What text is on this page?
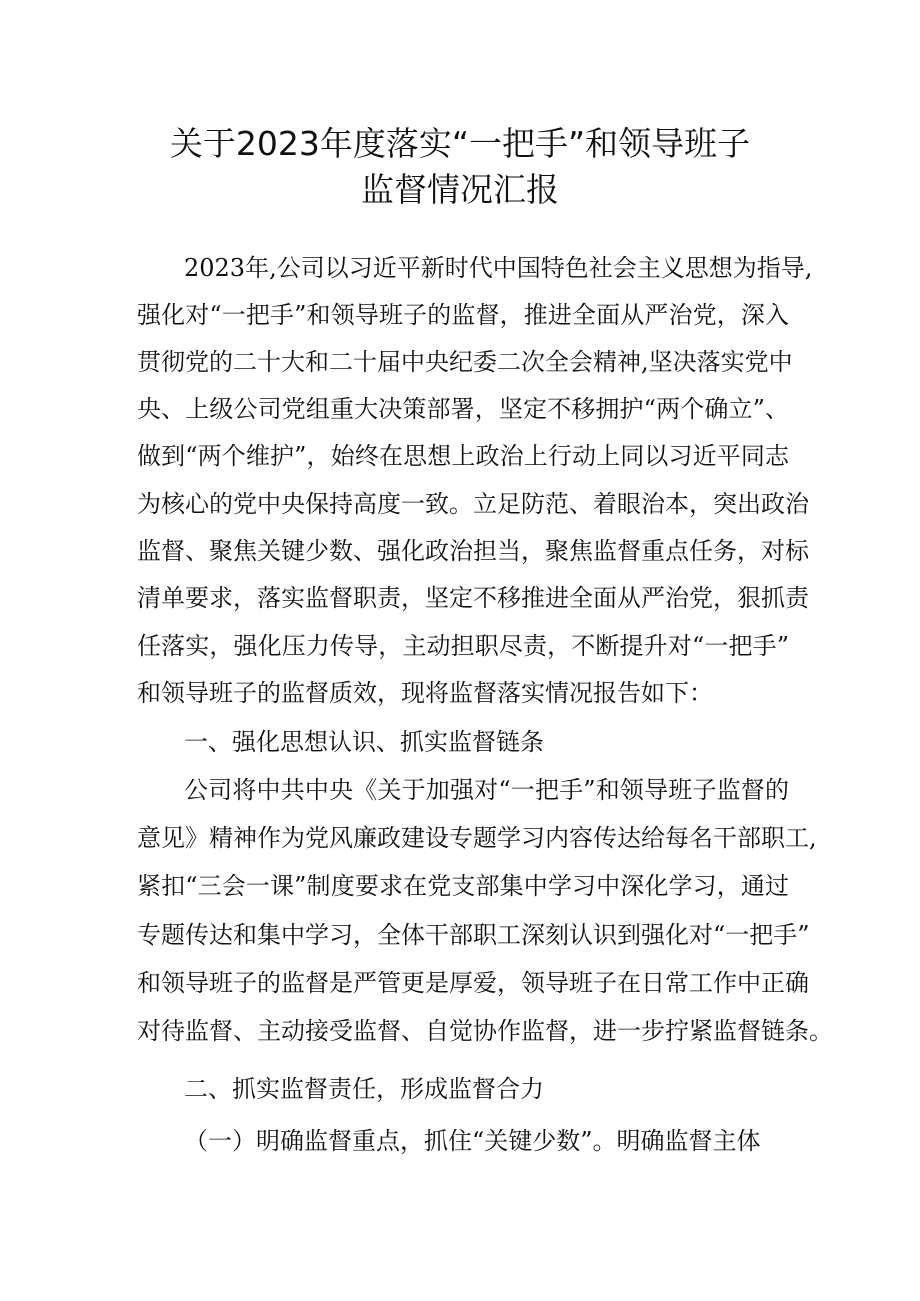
关于2023年度落实“一把手”和领导班子
监督情况汇报
2023年,公司以习近平新时代中国特色社会主义思想为指导,
强化对“一把手”和领导班子的监督，推进全面从严治党，深入
贯彻党的二十大和二十届中央纪委二次全会精神,坚决落实党中
央、上级公司党组重大决策部署，坚定不移拥护“两个确立”、
做到“两个维护”，始终在思想上政治上行动上同以习近平同志
为核心的党中央保持高度一致。立足防范、着眼治本，突出政治
监督、聚焦关键少数、强化政治担当，聚焦监督重点任务，对标
清单要求，落实监督职责，坚定不移推进全面从严治党，狠抓责
任落实，强化压力传导，主动担职尽责，不断提升对“一把手”
和领导班子的监督质效，现将监督落实情况报告如下：
一、强化思想认识、抓实监督链条
公司将中共中央《关于加强对“一把手”和领导班子监督的
意见》精神作为党风廉政建设专题学习内容传达给每名干部职工,
紧扣“三会一课”制度要求在党支部集中学习中深化学习，通过
专题传达和集中学习，全体干部职工深刻认识到强化对“一把手”
和领导班子的监督是严管更是厚爱，领导班子在日常工作中正确
对待监督、主动接受监督、自觉协作监督，进一步拧紧监督链条。
二、抓实监督责任，形成监督合力
（一）明确监督重点，抓住“关键少数”。明确监督主体
